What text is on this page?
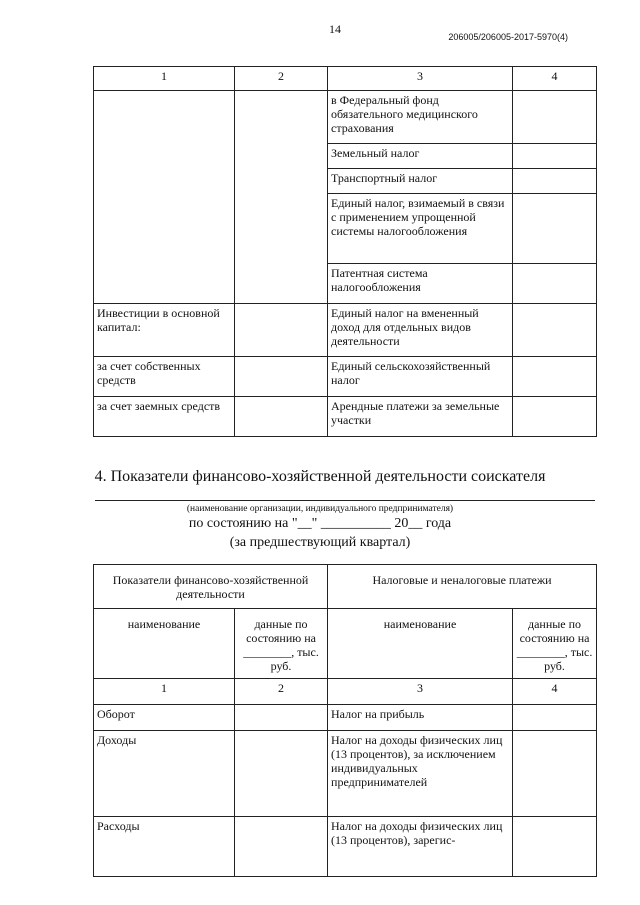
14
206005/206005-2017-5970(4)
1	2	3	4
		в Федеральный фонд обязательного медицинского страхования	
		Земельный налог	
		Транспортный налог	
		Единый налог, взимаемый в связи с применением упрощенной системы налогообложения	
		Патентная система налогообложения	
Инвестиции в основной капитал:		Единый налог на вмененный доход для отдельных видов деятельности	
за счет собственных средств		Единый сельскохозяйственный налог	
за счет заемных средств		Арендные платежи за земельные участки	
4. Показатели финансово-хозяйственной деятельности соискателя
(наименование организации, индивидуального предпринимателя)
по состоянию на "__" __________ 20__ года
(за предшествующий квартал)
Показатели финансово-хозяйственной деятельности		Налоговые и неналоговые платежи	
наименование	данные по состоянию на ________, тыс. руб.	наименование	данные по состоянию на ________, тыс. руб.
1	2	3	4
Оборот		Налог на прибыль	
Доходы		Налог на доходы физических лиц (13 процентов), за исключением индивидуальных предпринимателей	
Расходы		Налог на доходы физических лиц (13 процентов), зарегис-	
